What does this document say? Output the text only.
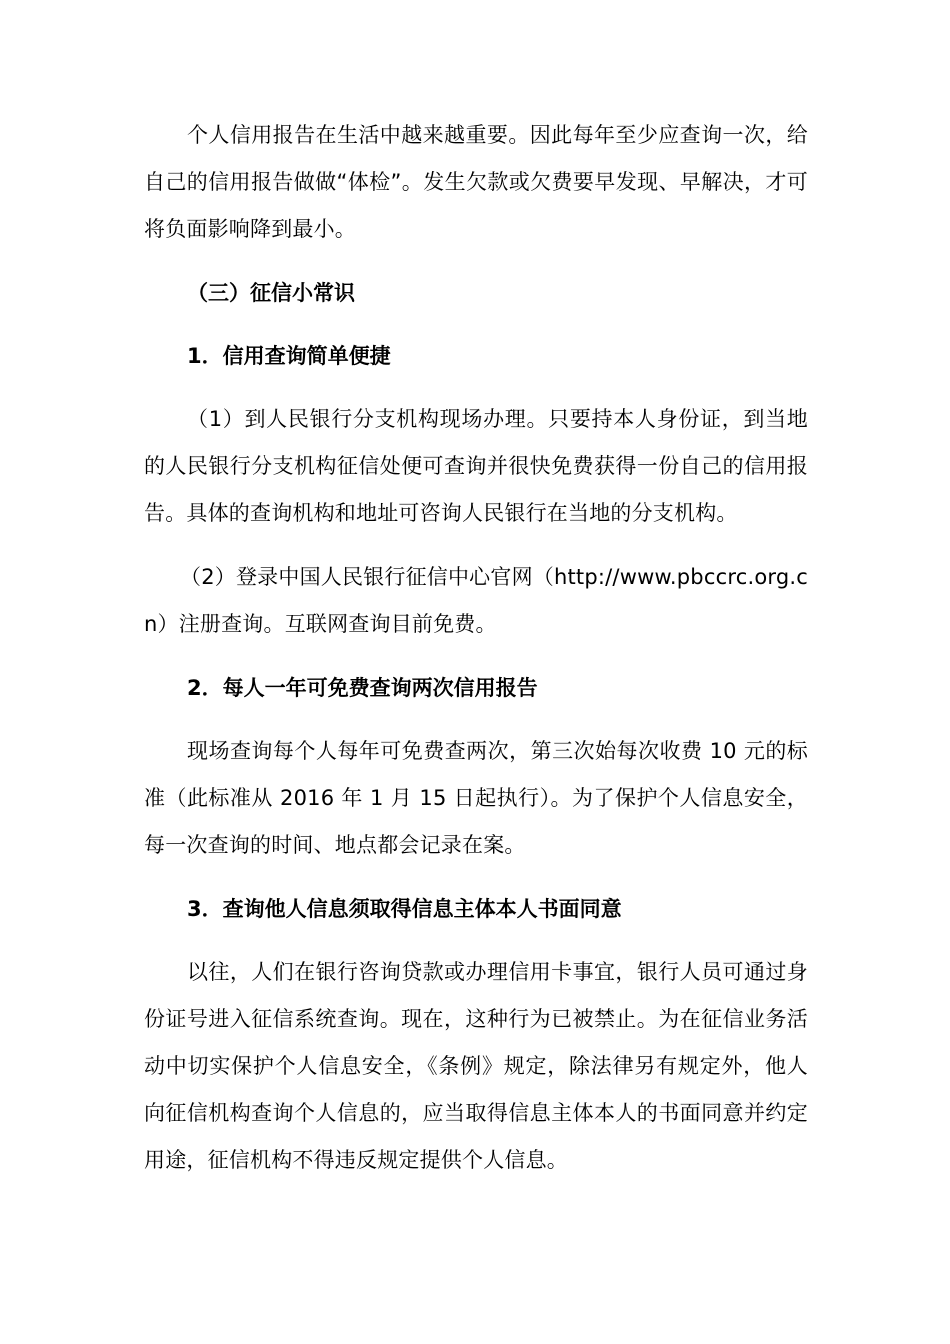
个人信用报告在生活中越来越重要。因此每年至少应查询一次，给自己的信用报告做做“体检”。发生欠款或欠费要早发现、早解决，才可将负面影响降到最小。

（三）征信小常识

1．信用查询简单便捷

（1）到人民银行分支机构现场办理。只要持本人身份证，到当地的人民银行分支机构征信处便可查询并很快免费获得一份自己的信用报告。具体的查询机构和地址可咨询人民银行在当地的分支机构。

（2）登录中国人民银行征信中心官网（http://www.pbccrc.org.cn）注册查询。互联网查询目前免费。

2．每人一年可免费查询两次信用报告

现场查询每个人每年可免费查两次，第三次始每次收费 10 元的标准（此标准从 2016 年 1 月 15 日起执行）。为了保护个人信息安全，每一次查询的时间、地点都会记录在案。

3．查询他人信息须取得信息主体本人书面同意

以往，人们在银行咨询贷款或办理信用卡事宜，银行人员可通过身份证号进入征信系统查询。现在，这种行为已被禁止。为在征信业务活动中切实保护个人信息安全，《条例》规定，除法律另有规定外，他人向征信机构查询个人信息的，应当取得信息主体本人的书面同意并约定用途，征信机构不得违反规定提供个人信息。
